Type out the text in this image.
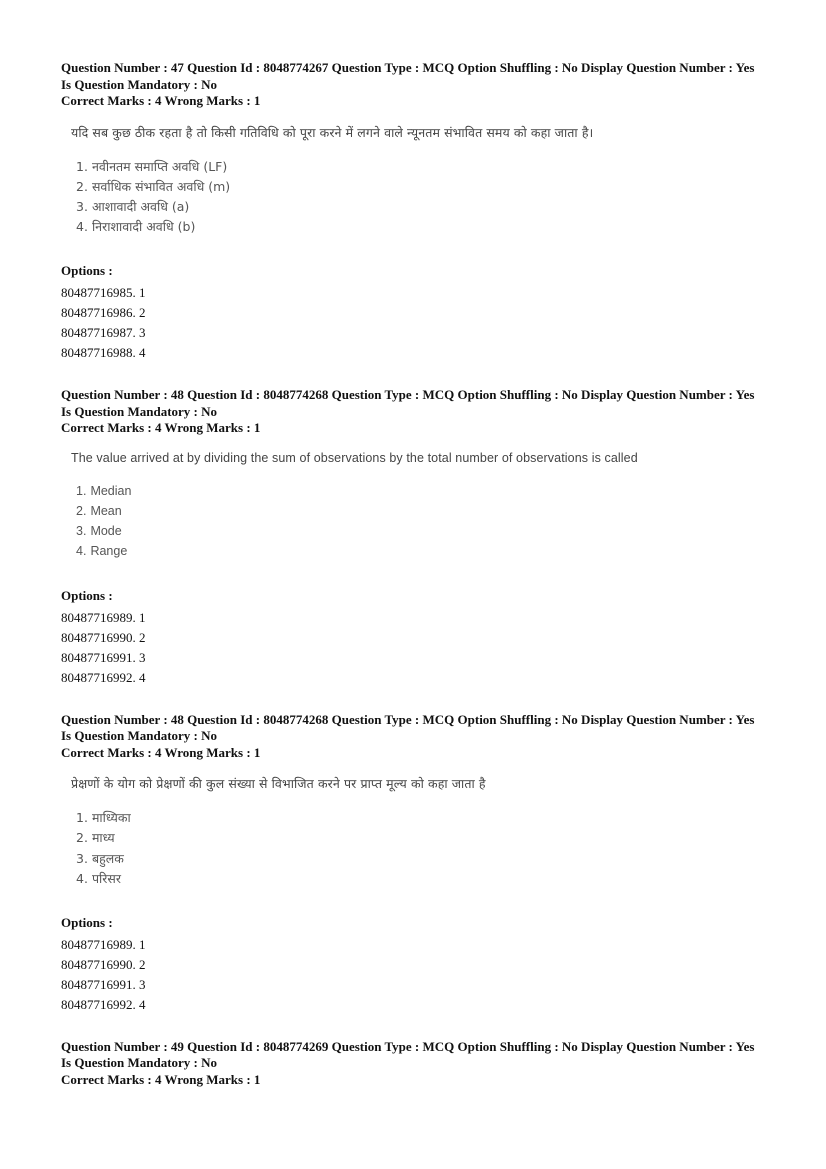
Question Number : 47 Question Id : 8048774267 Question Type : MCQ Option Shuffling : No Display Question Number : Yes
Is Question Mandatory : No
Correct Marks : 4 Wrong Marks : 1

यदि सब कुछ ठीक रहता है तो किसी गतिविधि को पूरा करने में लगने वाले न्यूनतम संभावित समय को कहा जाता है।

1. नवीनतम समाप्ति अवधि (LF)
2. सर्वाधिक संभावित अवधि (m)
3. आशावादी अवधि (a)
4. निराशावादी अवधि (b)

Options :

80487716985. 1
80487716986. 2
80487716987. 3
80487716988. 4

Question Number : 48 Question Id : 8048774268 Question Type : MCQ Option Shuffling : No Display Question Number : Yes
Is Question Mandatory : No
Correct Marks : 4 Wrong Marks : 1

The value arrived at by dividing the sum of observations by the total number of observations is called

1. Median
2. Mean
3. Mode
4. Range

Options :

80487716989. 1
80487716990. 2
80487716991. 3
80487716992. 4

Question Number : 48 Question Id : 8048774268 Question Type : MCQ Option Shuffling : No Display Question Number : Yes
Is Question Mandatory : No
Correct Marks : 4 Wrong Marks : 1

प्रेक्षणों के योग को प्रेक्षणों की कुल संख्या से विभाजित करने पर प्राप्त मूल्य को कहा जाता है

1. माध्यिका
2. माध्य
3. बहुलक
4. परिसर

Options :

80487716989. 1
80487716990. 2
80487716991. 3
80487716992. 4

Question Number : 49 Question Id : 8048774269 Question Type : MCQ Option Shuffling : No Display Question Number : Yes
Is Question Mandatory : No
Correct Marks : 4 Wrong Marks : 1
